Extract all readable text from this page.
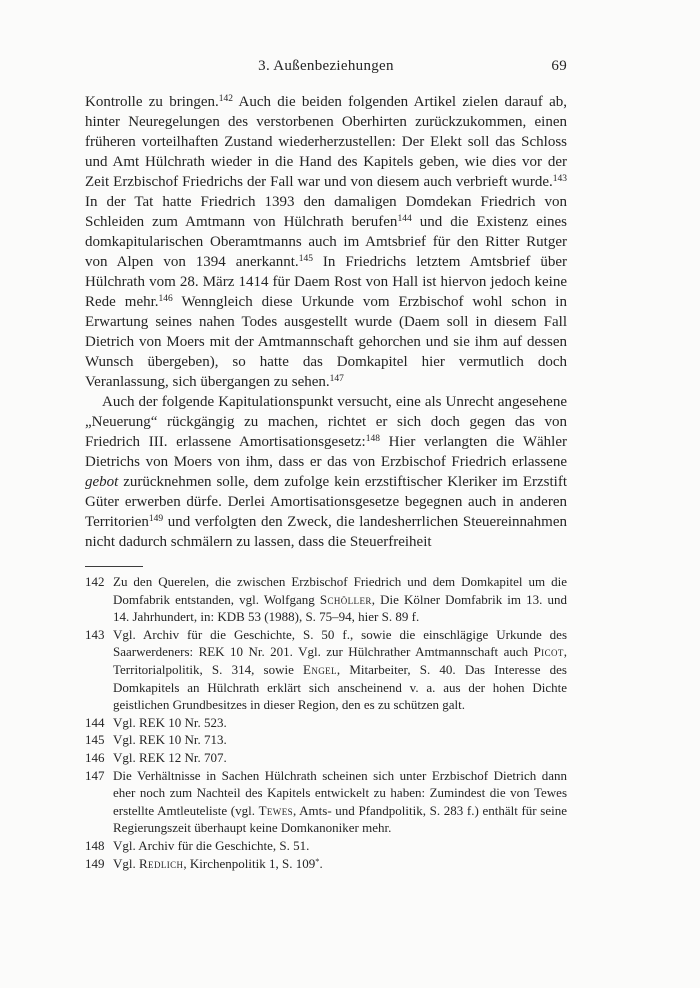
3. Außenbeziehungen	69

Kontrolle zu bringen.$^{142}$ Auch die beiden folgenden Artikel zielen darauf ab, hinter Neuregelungen des verstorbenen Oberhirten zurückzukommen, einen früheren vorteilhaften Zustand wiederherzustellen: Der Elekt soll das Schloss und Amt Hülchrath wieder in die Hand des Kapitels geben, wie dies vor der Zeit Erzbischof Friedrichs der Fall war und von diesem auch verbrieft wurde.$^{143}$ In der Tat hatte Friedrich 1393 den damaligen Domdekan Friedrich von Schleiden zum Amtmann von Hülchrath berufen$^{144}$ und die Existenz eines domkapitularischen Oberamtmanns auch im Amtsbrief für den Ritter Rutger von Alpen von 1394 anerkannt.$^{145}$ In Friedrichs letztem Amtsbrief über Hülchrath vom 28. März 1414 für Daem Rost von Hall ist hiervon jedoch keine Rede mehr.$^{146}$ Wenngleich diese Urkunde vom Erzbischof wohl schon in Erwartung seines nahen Todes ausgestellt wurde (Daem soll in diesem Fall Dietrich von Moers mit der Amtmannschaft gehorchen und sie ihm auf dessen Wunsch übergeben), so hatte das Domkapitel hier vermutlich doch Veranlassung, sich übergangen zu sehen.$^{147}$

Auch der folgende Kapitulationspunkt versucht, eine als Unrecht angesehene „Neuerung“ rückgängig zu machen, richtet er sich doch gegen das von Friedrich III. erlassene Amortisationsgesetz:$^{148}$ Hier verlangten die Wähler Dietrichs von Moers von ihm, dass er das von Erzbischof Friedrich erlassene gebot zurücknehmen solle, dem zufolge kein erzstiftischer Kleriker im Erzstift Güter erwerben dürfe. Derlei Amortisationsgesetze begegnen auch in anderen Territorien$^{149}$ und verfolgten den Zweck, die landesherrlichen Steuereinnahmen nicht dadurch schmälern zu lassen, dass die Steuerfreiheit

142 Zu den Querelen, die zwischen Erzbischof Friedrich und dem Domkapitel um die Domfabrik entstanden, vgl. Wolfgang Schöller, Die Kölner Domfabrik im 13. und 14. Jahrhundert, in: KDB 53 (1988), S. 75–94, hier S. 89 f.
143 Vgl. Archiv für die Geschichte, S. 50 f., sowie die einschlägige Urkunde des Saarwerdeners: REK 10 Nr. 201. Vgl. zur Hülchrather Amtmannschaft auch Picot, Territorialpolitik, S. 314, sowie Engel, Mitarbeiter, S. 40. Das Interesse des Domkapitels an Hülchrath erklärt sich anscheinend v. a. aus der hohen Dichte geistlichen Grundbesitzes in dieser Region, den es zu schützen galt.
144 Vgl. REK 10 Nr. 523.
145 Vgl. REK 10 Nr. 713.
146 Vgl. REK 12 Nr. 707.
147 Die Verhältnisse in Sachen Hülchrath scheinen sich unter Erzbischof Dietrich dann eher noch zum Nachteil des Kapitels entwickelt zu haben: Zumindest die von Tewes erstellte Amtleuteliste (vgl. Tewes, Amts- und Pfandpolitik, S. 283 f.) enthält für seine Regierungszeit überhaupt keine Domkanoniker mehr.
148 Vgl. Archiv für die Geschichte, S. 51.
149 Vgl. Redlich, Kirchenpolitik 1, S. 109*.
